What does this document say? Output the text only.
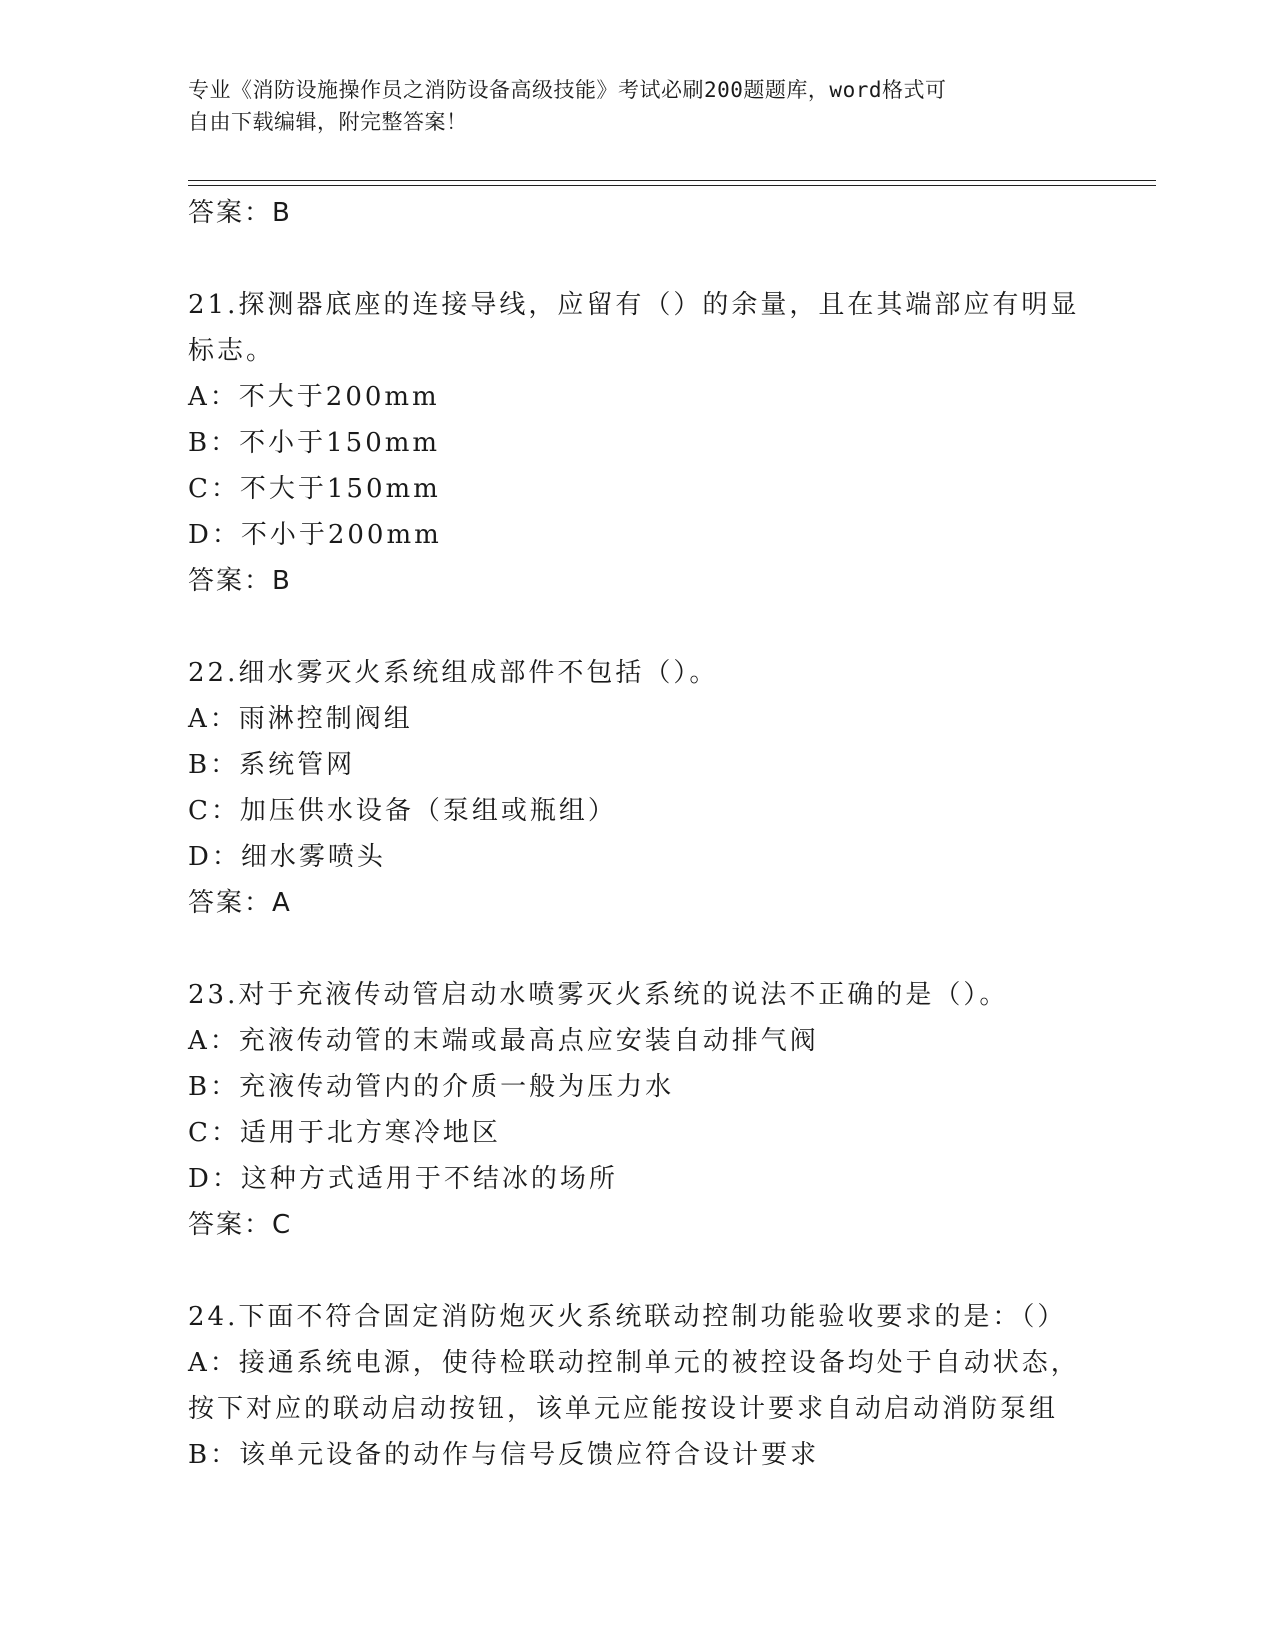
专业《消防设施操作员之消防设备高级技能》考试必刷200题题库，word格式可
自由下载编辑，附完整答案！
答案：B
21.探测器底座的连接导线，应留有（）的余量，且在其端部应有明显
标志。
A：不大于200mm
B：不小于150mm
C：不大于150mm
D：不小于200mm
答案：B
22.细水雾灭火系统组成部件不包括（）。
A：雨淋控制阀组
B：系统管网
C：加压供水设备（泵组或瓶组）
D：细水雾喷头
答案：A
23.对于充液传动管启动水喷雾灭火系统的说法不正确的是（）。
A：充液传动管的末端或最高点应安装自动排气阀
B：充液传动管内的介质一般为压力水
C：适用于北方寒冷地区
D：这种方式适用于不结冰的场所
答案：C
24.下面不符合固定消防炮灭火系统联动控制功能验收要求的是：（）
A：接通系统电源，使待检联动控制单元的被控设备均处于自动状态，
按下对应的联动启动按钮，该单元应能按设计要求自动启动消防泵组
B：该单元设备的动作与信号反馈应符合设计要求
